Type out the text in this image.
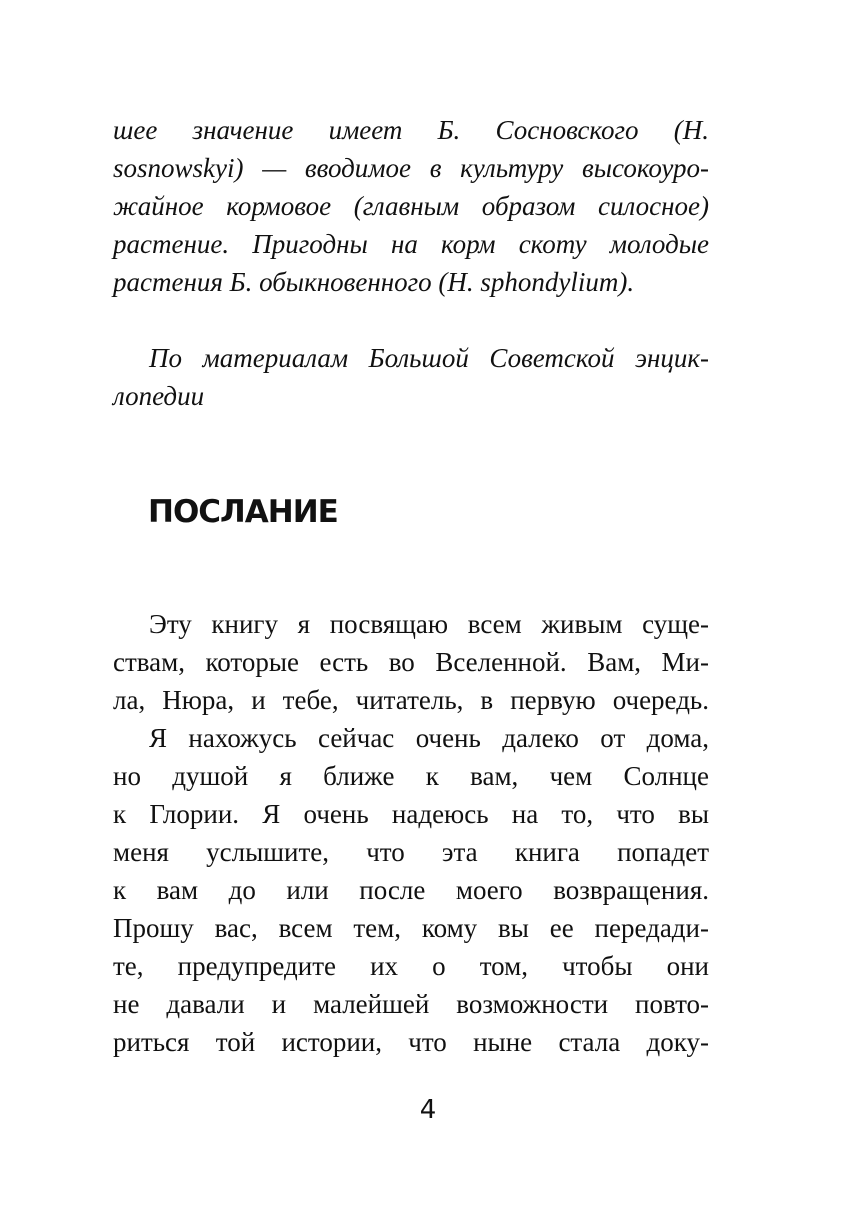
шее значение имеет Б. Сосновского (H.
sosnowskyi) — вводимое в культуру высокоуро-
жайное кормовое (главным образом силосное)
растение. Пригодны на корм скоту молодые
растения Б. обыкновенного (H. sphondylium).
По материалам Большой Советской энцик-
лопедии
ПОСЛАНИЕ
Эту книгу я посвящаю всем живым суще-
ствам, которые есть во Вселенной. Вам, Ми-
ла, Нюра, и тебе, читатель, в первую очередь.
Я нахожусь сейчас очень далеко от дома,
но душой я ближе к вам, чем Солнце
к Глории. Я очень надеюсь на то, что вы
меня услышите, что эта книга попадет
к вам до или после моего возвращения.
Прошу вас, всем тем, кому вы ее передади-
те, предупредите их о том, чтобы они
не давали и малейшей возможности повто-
риться той истории, что ныне стала доку-
4
